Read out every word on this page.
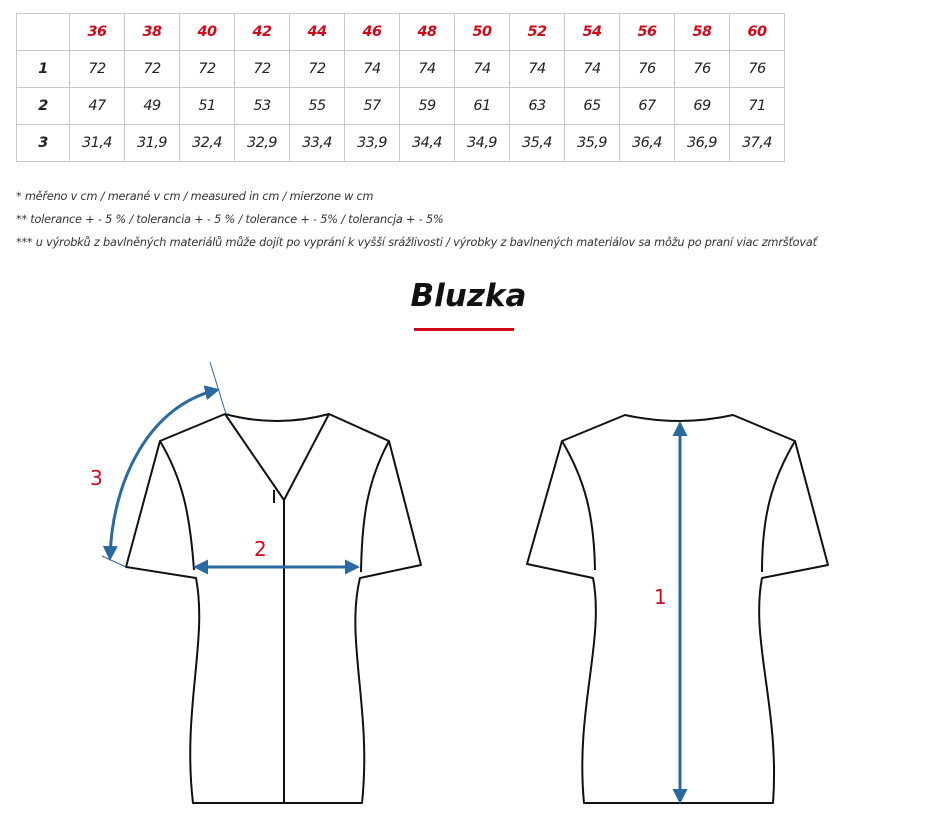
	36	38	40	42	44	46	48	50	52	54	56	58	60
1	72	72	72	72	72	74	74	74	74	74	76	76	76
2	47	49	51	53	55	57	59	61	63	65	67	69	71
3	31,4	31,9	32,4	32,9	33,4	33,9	34,4	34,9	35,4	35,9	36,4	36,9	37,4
* měřeno v cm / merané v cm / measured in cm / mierzone w cm
** tolerance + - 5 % / tolerancia + - 5 % / tolerance + - 5% / tolerancja + - 5%
*** u výrobků z bavlněných materiálů může dojít po vyprání k vyšší srážlivosti / výrobky z bavlnených materiálov sa môžu po praní viac zmršťovať
Bluzka
2
3
1
